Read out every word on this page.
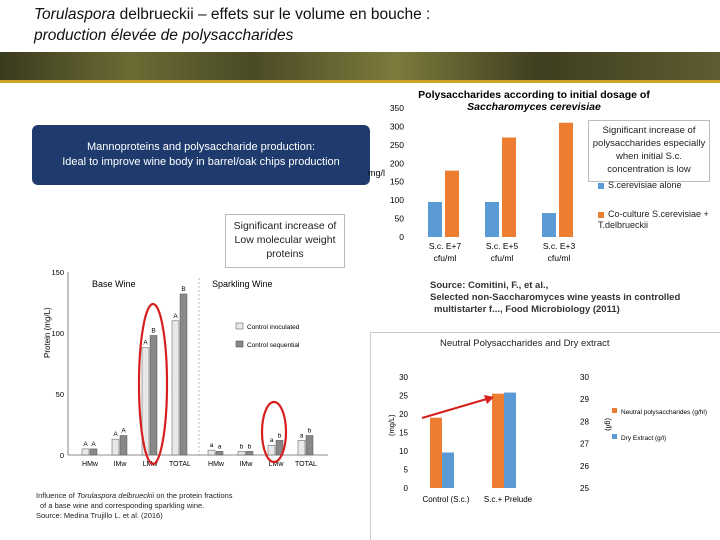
Torulaspora delbrueckii – effets sur le volume en bouche :
production élevée de polysaccharides
Mannoproteins and polysaccharide production:
Ideal to improve wine body in barrel/oak chips production
Polysaccharides according to initial dosage of
Saccharomyces cerevisiae
mg/l
0
50
100
150
200
250
300
350
S.c. E+7
cfu/ml
S.c. E+5
cfu/ml
S.c. E+3
cfu/ml
Significant increase of polysaccharides especially when initial S.c. concentration is low
S.cerevisiae alone
Co-culture S.cerevisiae + T.delbrueckii
Source: Comitini, F., et al.,
Selected non-Saccharomyces wine yeasts in controlled
multistarter f..., Food Microbiology (2011)
Significant increase of Low molecular weight proteins
Protein (mg/L)
0
50
100
150
Base Wine	Sparkling Wine
Control inoculated
Control sequential
A A
A
A
A
B
A
B
a a	b b
a
b	a
b
HMw IMw LMw TOTAL HMw IMw LMw TOTAL
Influence of Torulaspora delbrueckii on the protein fractions
of a base wine and corresponding sparkling wine.
Source: Medina Trujillo L. et al. (2016)
Neutral Polysaccharides and Dry extract
(mg/L)	(g/l)
0
5
10
15
20
25
30
25
26
27
28
29
30
Control (S.c.) S.c.+ Prelude
Neutral polysaccharides (g/hl)
Dry Extract (g/l)
